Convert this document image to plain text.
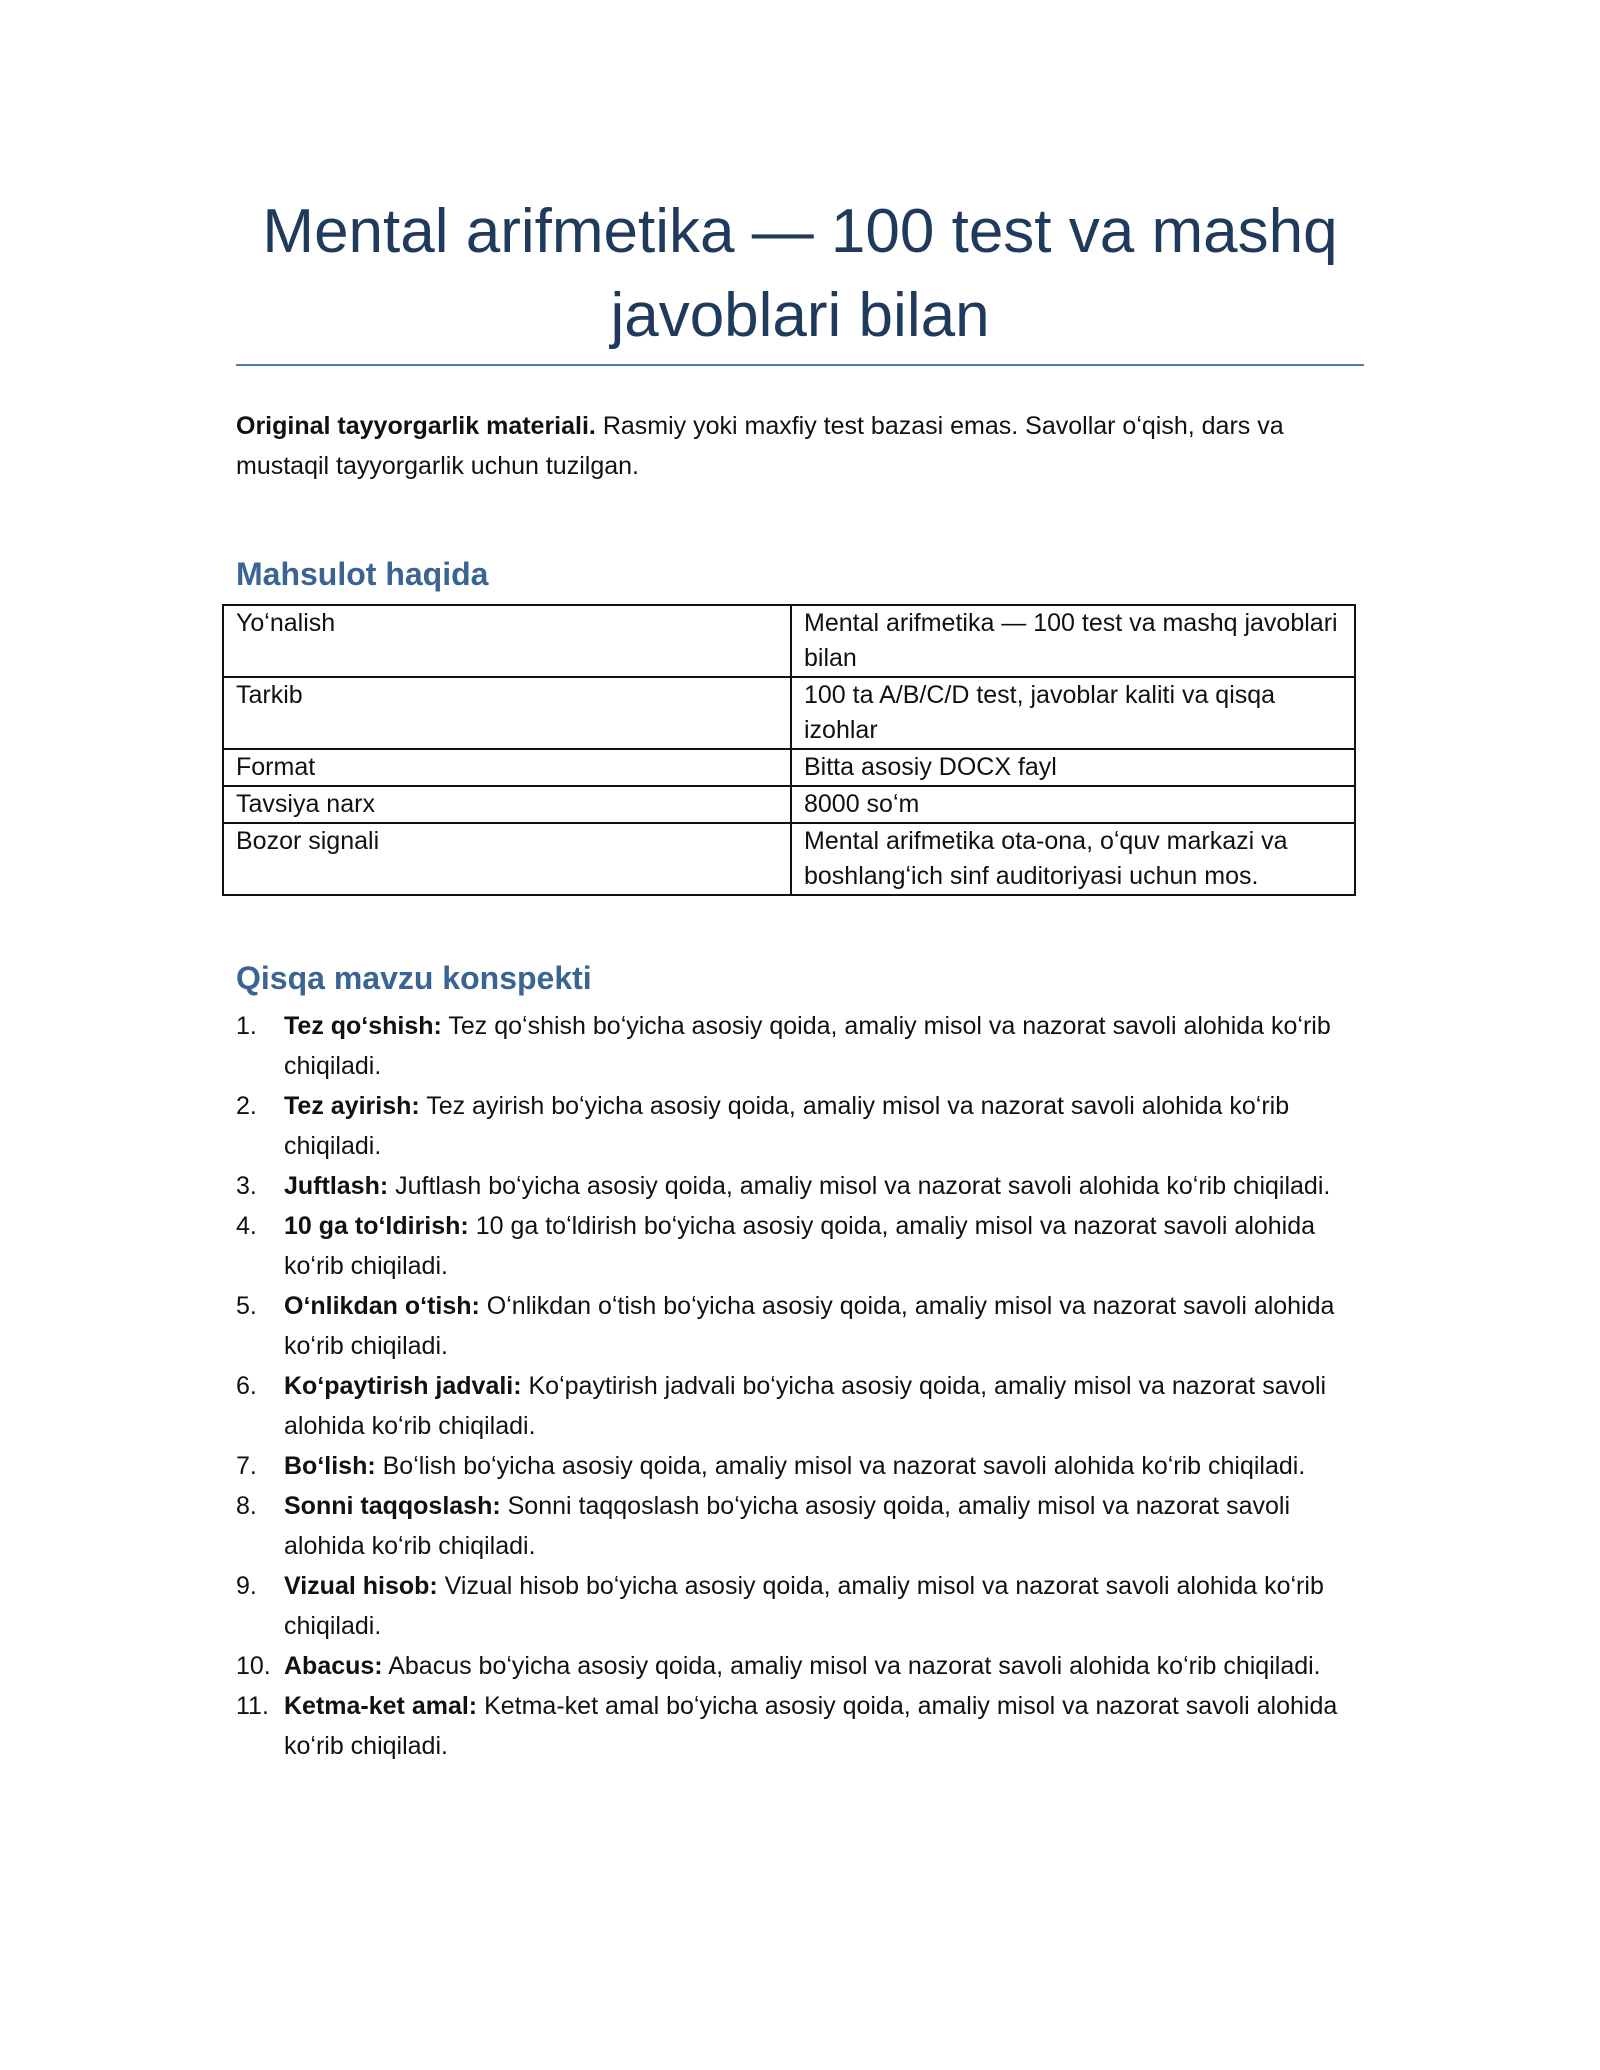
Mental arifmetika — 100 test va mashq javoblari bilan

Original tayyorgarlik materiali. Rasmiy yoki maxfiy test bazasi emas. Savollar oʻqish, dars va mustaqil tayyorgarlik uchun tuzilgan.

Mahsulot haqida
Yoʻnalish	Mental arifmetika — 100 test va mashq javoblari bilan
Tarkib	100 ta A/B/C/D test, javoblar kaliti va qisqa izohlar
Format	Bitta asosiy DOCX fayl
Tavsiya narx	8000 soʻm
Bozor signali	Mental arifmetika ota-ona, oʻquv markazi va boshlangʻich sinf auditoriyasi uchun mos.
Qisqa mavzu konspekti
1. Tez qoʻshish: Tez qoʻshish boʻyicha asosiy qoida, amaliy misol va nazorat savoli alohida koʻrib chiqiladi.
2. Tez ayirish: Tez ayirish boʻyicha asosiy qoida, amaliy misol va nazorat savoli alohida koʻrib chiqiladi.
3. Juftlash: Juftlash boʻyicha asosiy qoida, amaliy misol va nazorat savoli alohida koʻrib chiqiladi.
4. 10 ga toʻldirish: 10 ga toʻldirish boʻyicha asosiy qoida, amaliy misol va nazorat savoli alohida koʻrib chiqiladi.
5. Oʻnlikdan oʻtish: Oʻnlikdan oʻtish boʻyicha asosiy qoida, amaliy misol va nazorat savoli alohida koʻrib chiqiladi.
6. Koʻpaytirish jadvali: Koʻpaytirish jadvali boʻyicha asosiy qoida, amaliy misol va nazorat savoli alohida koʻrib chiqiladi.
7. Boʻlish: Boʻlish boʻyicha asosiy qoida, amaliy misol va nazorat savoli alohida koʻrib chiqiladi.
8. Sonni taqqoslash: Sonni taqqoslash boʻyicha asosiy qoida, amaliy misol va nazorat savoli alohida koʻrib chiqiladi.
9. Vizual hisob: Vizual hisob boʻyicha asosiy qoida, amaliy misol va nazorat savoli alohida koʻrib chiqiladi.
10. Abacus: Abacus boʻyicha asosiy qoida, amaliy misol va nazorat savoli alohida koʻrib chiqiladi.
11. Ketma-ket amal: Ketma-ket amal boʻyicha asosiy qoida, amaliy misol va nazorat savoli alohida koʻrib chiqiladi.
